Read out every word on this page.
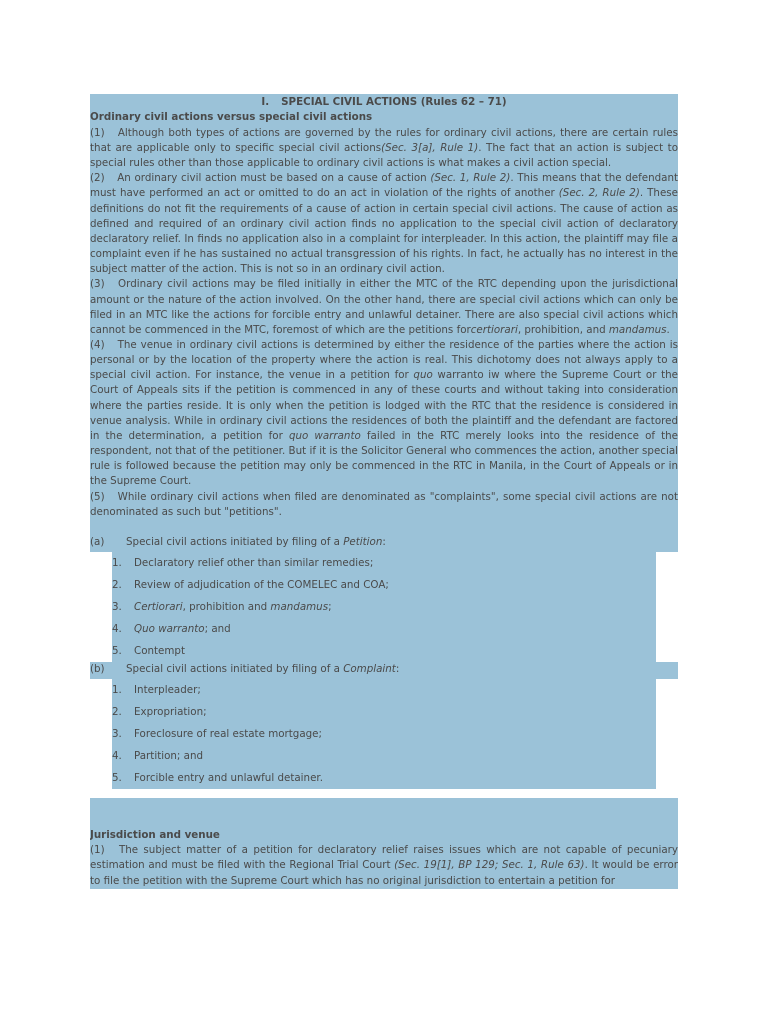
I. SPECIAL CIVIL ACTIONS (Rules 62 – 71)
Ordinary civil actions versus special civil actions

(1) Although both types of actions are governed by the rules for ordinary civil actions, there are certain rules that are applicable only to specific special civil actions(Sec. 3[a], Rule 1). The fact that an action is subject to special rules other than those applicable to ordinary civil actions is what makes a civil action special.

(2) An ordinary civil action must be based on a cause of action (Sec. 1, Rule 2). This means that the defendant must have performed an act or omitted to do an act in violation of the rights of another (Sec. 2, Rule 2). These definitions do not fit the requirements of a cause of action in certain special civil actions. The cause of action as defined and required of an ordinary civil action finds no application to the special civil action of declaratory declaratory relief. In finds no application also in a complaint for interpleader. In this action, the plaintiff may file a complaint even if he has sustained no actual transgression of his rights. In fact, he actually has no interest in the subject matter of the action. This is not so in an ordinary civil action.

(3) Ordinary civil actions may be filed initially in either the MTC of the RTC depending upon the jurisdictional amount or the nature of the action involved. On the other hand, there are special civil actions which can only be filed in an MTC like the actions for forcible entry and unlawful detainer. There are also special civil actions which cannot be commenced in the MTC, foremost of which are the petitions forcertiorari, prohibition, and mandamus.

(4) The venue in ordinary civil actions is determined by either the residence of the parties where the action is personal or by the location of the property where the action is real. This dichotomy does not always apply to a special civil action. For instance, the venue in a petition for quo warranto iw where the Supreme Court or the Court of Appeals sits if the petition is commenced in any of these courts and without taking into consideration where the parties reside. It is only when the petition is lodged with the RTC that the residence is considered in venue analysis. While in ordinary civil actions the residences of both the plaintiff and the defendant are factored in the determination, a petition for quo warranto failed in the RTC merely looks into the residence of the respondent, not that of the petitioner. But if it is the Solicitor General who commences the action, another special rule is followed because the petition may only be commenced in the RTC in Manila, in the Court of Appeals or in the Supreme Court.

(5) While ordinary civil actions when filed are denominated as "complaints", some special civil actions are not denominated as such but "petitions".

(a) Special civil actions initiated by filing of a Petition:
1. Declaratory relief other than similar remedies;
2. Review of adjudication of the COMELEC and COA;
3. Certiorari, prohibition and mandamus;
4. Quo warranto; and
5. Contempt
(b) Special civil actions initiated by filing of a Complaint:
1. Interpleader;
2. Expropriation;
3. Foreclosure of real estate mortgage;
4. Partition; and
5. Forcible entry and unlawful detainer.
Jurisdiction and venue

(1) The subject matter of a petition for declaratory relief raises issues which are not capable of pecuniary estimation and must be filed with the Regional Trial Court (Sec. 19[1], BP 129; Sec. 1, Rule 63). It would be error to file the petition with the Supreme Court which has no original jurisdiction to entertain a petition for
